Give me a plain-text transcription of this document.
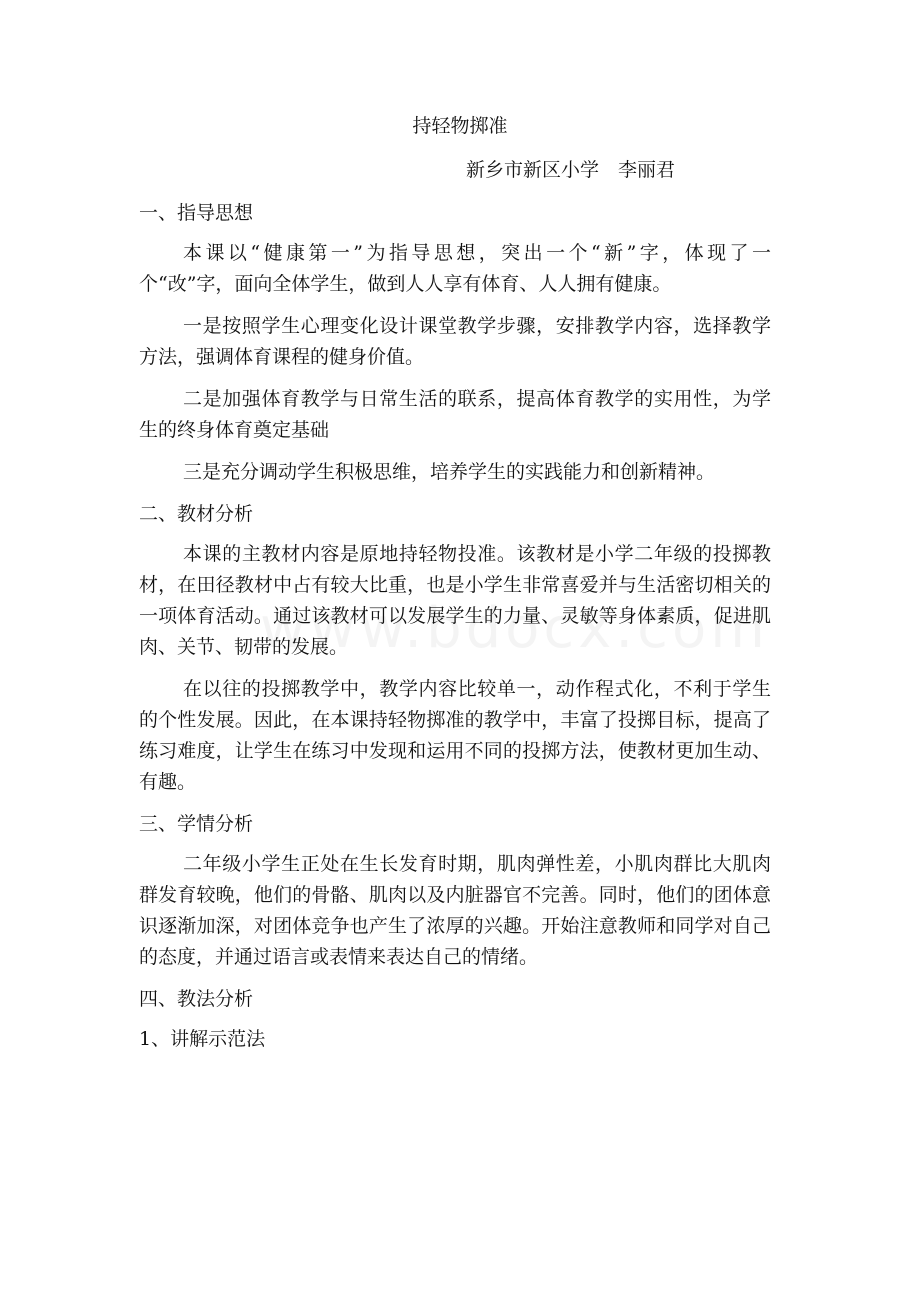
持轻物掷准
新乡市新区小学　李丽君
一、指导思想

本课以“健康第一”为指导思想，突出一个“新”字，体现了一个“改”字，面向全体学生，做到人人享有体育、人人拥有健康。

一是按照学生心理变化设计课堂教学步骤，安排教学内容，选择教学方法，强调体育课程的健身价值。

二是加强体育教学与日常生活的联系，提高体育教学的实用性，为学生的终身体育奠定基础

三是充分调动学生积极思维，培养学生的实践能力和创新精神。

二、教材分析

本课的主教材内容是原地持轻物投准。该教材是小学二年级的投掷教材，在田径教材中占有较大比重，也是小学生非常喜爱并与生活密切相关的一项体育活动。通过该教材可以发展学生的力量、灵敏等身体素质，促进肌肉、关节、韧带的发展。

在以往的投掷教学中，教学内容比较单一，动作程式化，不利于学生的个性发展。因此，在本课持轻物掷准的教学中，丰富了投掷目标，提高了练习难度，让学生在练习中发现和运用不同的投掷方法，使教材更加生动、有趣。

三、学情分析

二年级小学生正处在生长发育时期，肌肉弹性差，小肌肉群比大肌肉群发育较晚，他们的骨骼、肌肉以及内脏器官不完善。同时，他们的团体意识逐渐加深，对团体竞争也产生了浓厚的兴趣。开始注意教师和同学对自己的态度，并通过语言或表情来表达自己的情绪。

四、教法分析
1、讲解示范法
